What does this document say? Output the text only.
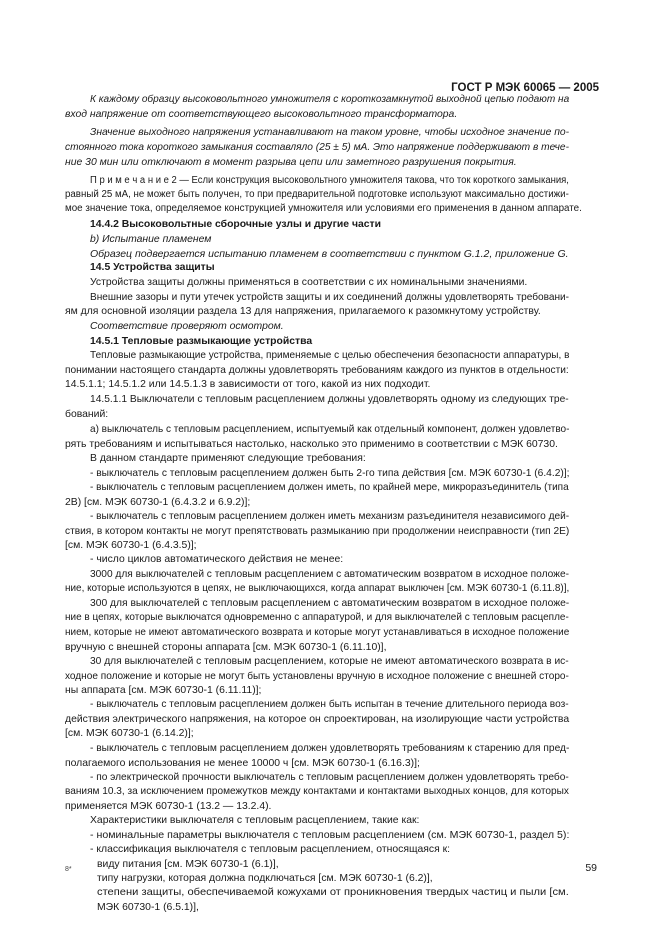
ГОСТ Р МЭК 60065 — 2005
К каждому образцу высоковольтного умножителя с короткозамкнутой выходной цепью подают на
вход напряжение от соответствующего высоковольтного трансформатора.
Значение выходного напряжения устанавливают на таком уровне, чтобы исходное значение по-
стоянного тока короткого замыкания составляло (25 ± 5) мА. Это напряжение поддерживают в тече-
ние 30 мин или отключают в момент разрыва цепи или заметного разрушения покрытия.
П р и м е ч а н и е 2 — Если конструкция высоковольтного умножителя такова, что ток короткого замыкания,
равный 25 мА, не может быть получен, то при предварительной подготовке используют максимально достижи-
мое значение тока, определяемое конструкцией умножителя или условиями его применения в данном аппарате.
14.4.2 Высоковольтные сборочные узлы и другие части
b) Испытание пламенем
Образец подвергается испытанию пламенем в соответствии с пунктом G.1.2, приложение G.
14.5 Устройства защиты
Устройства защиты должны применяться в соответствии с их номинальными значениями.
Внешние зазоры и пути утечек устройств защиты и их соединений должны удовлетворять требовани-
ям для основной изоляции раздела 13 для напряжения, прилагаемого к разомкнутому устройству.
Соответствие проверяют осмотром.
14.5.1 Тепловые размыкающие устройства
Тепловые размыкающие устройства, применяемые с целью обеспечения безопасности аппаратуры, в
понимании настоящего стандарта должны удовлетворять требованиям каждого из пунктов в отдельности:
14.5.1.1; 14.5.1.2 или 14.5.1.3 в зависимости от того, какой из них подходит.
14.5.1.1 Выключатели с тепловым расцеплением должны удовлетворять одному из следующих тре-
бований:
а) выключатель с тепловым расцеплением, испытуемый как отдельный компонент, должен удовлетво-
рять требованиям и испытываться настолько, насколько это применимо в соответствии с МЭК 60730.
В данном стандарте применяют следующие требования:
- выключатель с тепловым расцеплением должен быть 2-го типа действия [см. МЭК 60730-1 (6.4.2)];
- выключатель с тепловым расцеплением должен иметь, по крайней мере, микроразъединитель (типа
2B) [см. МЭК 60730-1 (6.4.3.2 и 6.9.2)];
- выключатель с тепловым расцеплением должен иметь механизм разъединителя независимого дей-
ствия, в котором контакты не могут препятствовать размыканию при продолжении неисправности (тип 2E)
[см. МЭК 60730-1 (6.4.3.5)];
- число циклов автоматического действия не менее:
3000 для выключателей с тепловым расцеплением с автоматическим возвратом в исходное положе-
ние, которые используются в цепях, не выключающихся, когда аппарат выключен [см. МЭК 60730-1 (6.11.8)],
300 для выключателей с тепловым расцеплением с автоматическим возвратом в исходное положе-
ние в цепях, которые выключатся одновременно с аппаратурой, и для выключателей с тепловым расцепле-
нием, которые не имеют автоматического возврата и которые могут устанавливаться в исходное положение
вручную с внешней стороны аппарата [см. МЭК 60730-1 (6.11.10)],
30 для выключателей с тепловым расцеплением, которые не имеют автоматического возврата в ис-
ходное положение и которые не могут быть установлены вручную в исходное положение с внешней сторо-
ны аппарата [см. МЭК 60730-1 (6.11.11)];
- выключатель с тепловым расцеплением должен быть испытан в течение длительного периода воз-
действия электрического напряжения, на которое он спроектирован, на изолирующие части устройства
[см. МЭК 60730-1 (6.14.2)];
- выключатель с тепловым расцеплением должен удовлетворять требованиям к старению для пред-
полагаемого использования не менее 10000 ч [см. МЭК 60730-1 (6.16.3)];
- по электрической прочности выключатель с тепловым расцеплением должен удовлетворять требо-
ваниям 10.3, за исключением промежутков между контактами и контактами выходных концов, для которых
применяется МЭК 60730-1 (13.2 — 13.2.4).
Характеристики выключателя с тепловым расцеплением, такие как:
- номинальные параметры выключателя с тепловым расцеплением (см. МЭК 60730-1, раздел 5):
- классификация выключателя с тепловым расцеплением, относящаяся к:
виду питания [см. МЭК 60730-1 (6.1)],
типу нагрузки, которая должна подключаться [см. МЭК 60730-1 (6.2)],
степени защиты, обеспечиваемой кожухами от проникновения твердых частиц и пыли [см.
МЭК 60730-1 (6.5.1)],
8*	59
